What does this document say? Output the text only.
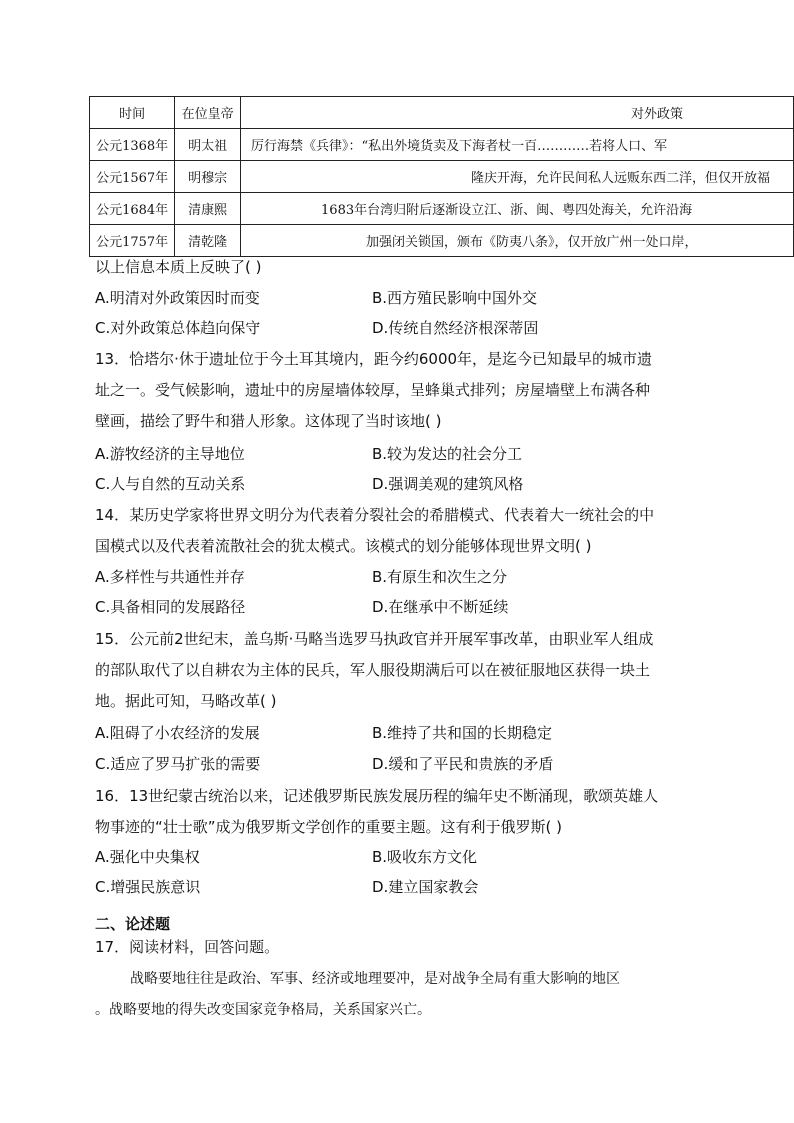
时间	在位皇帝	对外政策
公元1368年	明太祖	厉行海禁《兵律》：“私出外境货卖及下海者杖一百…………若将人口、军
公元1567年	明穆宗	隆庆开海，允许民间私人远贩东西二洋，但仅开放福
公元1684年	清康熙	1683年台湾归附后逐渐设立江、浙、闽、粤四处海关，允许沿海
公元1757年	清乾隆	加强闭关锁国，颁布《防夷八条》，仅开放广州一处口岸，
以上信息本质上反映了( )
A.明清对外政策因时而变	B.西方殖民影响中国外交
C.对外政策总体趋向保守	D.传统自然经济根深蒂固
13．恰塔尔·休于遗址位于今土耳其境内，距今约6000年，是迄今已知最早的城市遗
址之一。受气候影响，遗址中的房屋墙体较厚，呈蜂巢式排列；房屋墙壁上布满各种
壁画，描绘了野牛和猎人形象。这体现了当时该地( )
A.游牧经济的主导地位	B.较为发达的社会分工
C.人与自然的互动关系	D.强调美观的建筑风格
14．某历史学家将世界文明分为代表着分裂社会的希腊模式、代表着大一统社会的中
国模式以及代表着流散社会的犹太模式。该模式的划分能够体现世界文明( )
A.多样性与共通性并存	B.有原生和次生之分
C.具备相同的发展路径	D.在继承中不断延续
15．公元前2世纪末，盖乌斯·马略当选罗马执政官并开展军事改革，由职业军人组成
的部队取代了以自耕农为主体的民兵，军人服役期满后可以在被征服地区获得一块土
地。据此可知，马略改革( )
A.阻碍了小农经济的发展	B.维持了共和国的长期稳定
C.适应了罗马扩张的需要	D.缓和了平民和贵族的矛盾
16．13世纪蒙古统治以来，记述俄罗斯民族发展历程的编年史不断涌现，歌颂英雄人
物事迹的“壮士歌”成为俄罗斯文学创作的重要主题。这有利于俄罗斯( )
A.强化中央集权	B.吸收东方文化
C.增强民族意识	D.建立国家教会
二、论述题
17．阅读材料，回答问题。
战略要地往往是政治、军事、经济或地理要冲，是对战争全局有重大影响的地区
。战略要地的得失改变国家竞争格局，关系国家兴亡。
